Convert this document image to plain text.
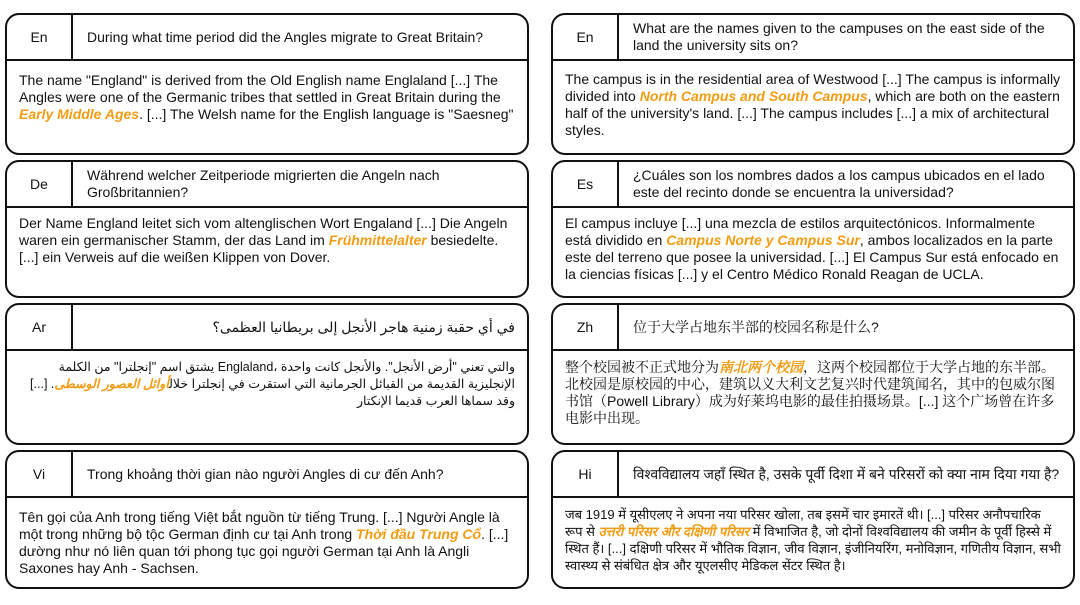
En	During what time period did the Angles migrate to Great Britain?
The name "England" is derived from the Old English name Englaland [...] The Angles were one of the Germanic tribes that settled in Great Britain during the Early Middle Ages. [...] The Welsh name for the English language is "Saesneg"
De
Während welcher Zeitperiode migrierten die Angeln nach Großbritannien?
Der Name England leitet sich vom altenglischen Wort Engaland [...] Die Angeln waren ein germanischer Stamm, der das Land im Frühmittelalter besiedelte. [...] ein Verweis auf die weißen Klippen von Dover.
Ar	في أي حقبة زمنية هاجر الأنجل إلى بريطانيا العظمى؟
والتي تعني "أرض الأنجل". والأنجل كانت واحدة ،Englaland يشتق اسم "إنجلترا" من الكلمة الإنجليزية القديمة من القبائل الجرمانية التي استقرت في إنجلترا خلالأوائل العصور الوسطى. [...] وقد سماها العرب قديما الإنكتار
Vi	Trong khoảng thời gian nào người Angles di cư đến Anh?
Tên gọi của Anh trong tiếng Việt bắt nguồn từ tiếng Trung. [...] Người Angle là một trong những bộ tộc German định cư tại Anh trong Thời đầu Trung Cổ. [...] dường như nó liên quan tới phong tục gọi người German tại Anh là Angli Saxones hay Anh - Sachsen.
En
What are the names given to the campuses on the east side of the land the university sits on?
The campus is in the residential area of Westwood [...] The campus is informally divided into North Campus and South Campus, which are both on the eastern half of the university's land. [...] The campus includes [...] a mix of architectural styles.
Es
¿Cuáles son los nombres dados a los campus ubicados en el lado este del recinto donde se encuentra la universidad?
El campus incluye [...] una mezcla de estilos arquitectónicos. Informalmente está dividido en Campus Norte y Campus Sur, ambos localizados en la parte este del terreno que posee la universidad. [...] El Campus Sur está enfocado en la ciencias físicas [...] y el Centro Médico Ronald Reagan de UCLA.
Zh	位于大学占地东半部的校园名称是什么?
整个校园被不正式地分为南北两个校园，这两个校园都位于大学占地的东半部。北校园是原校园的中心，建筑以义大利文艺复兴时代建筑闻名，其中的包威尔图书馆（Powell Library）成为好莱坞电影的最佳拍摄场景。[...] 这个广场曾在许多电影中出现。
Hi	विश्वविद्यालय जहाँ स्थित है, उसके पूर्वी दिशा में बने परिसरों को क्या नाम दिया गया है?
जब 1919 में यूसीएलए ने अपना नया परिसर खोला, तब इसमें चार इमारतें थी। [...] परिसर अनौपचारिक रूप से उत्तरी परिसर और दक्षिणी परिसर में विभाजित है, जो दोनों विश्वविद्यालय की जमीन के पूर्वी हिस्से में स्थित हैं। [...] दक्षिणी परिसर में भौतिक विज्ञान, जीव विज्ञान, इंजीनियरिंग, मनोविज्ञान, गणितीय विज्ञान, सभी स्वास्थ्य से संबंधित क्षेत्र और यूएलसीए मेडिकल सेंटर स्थित है।
